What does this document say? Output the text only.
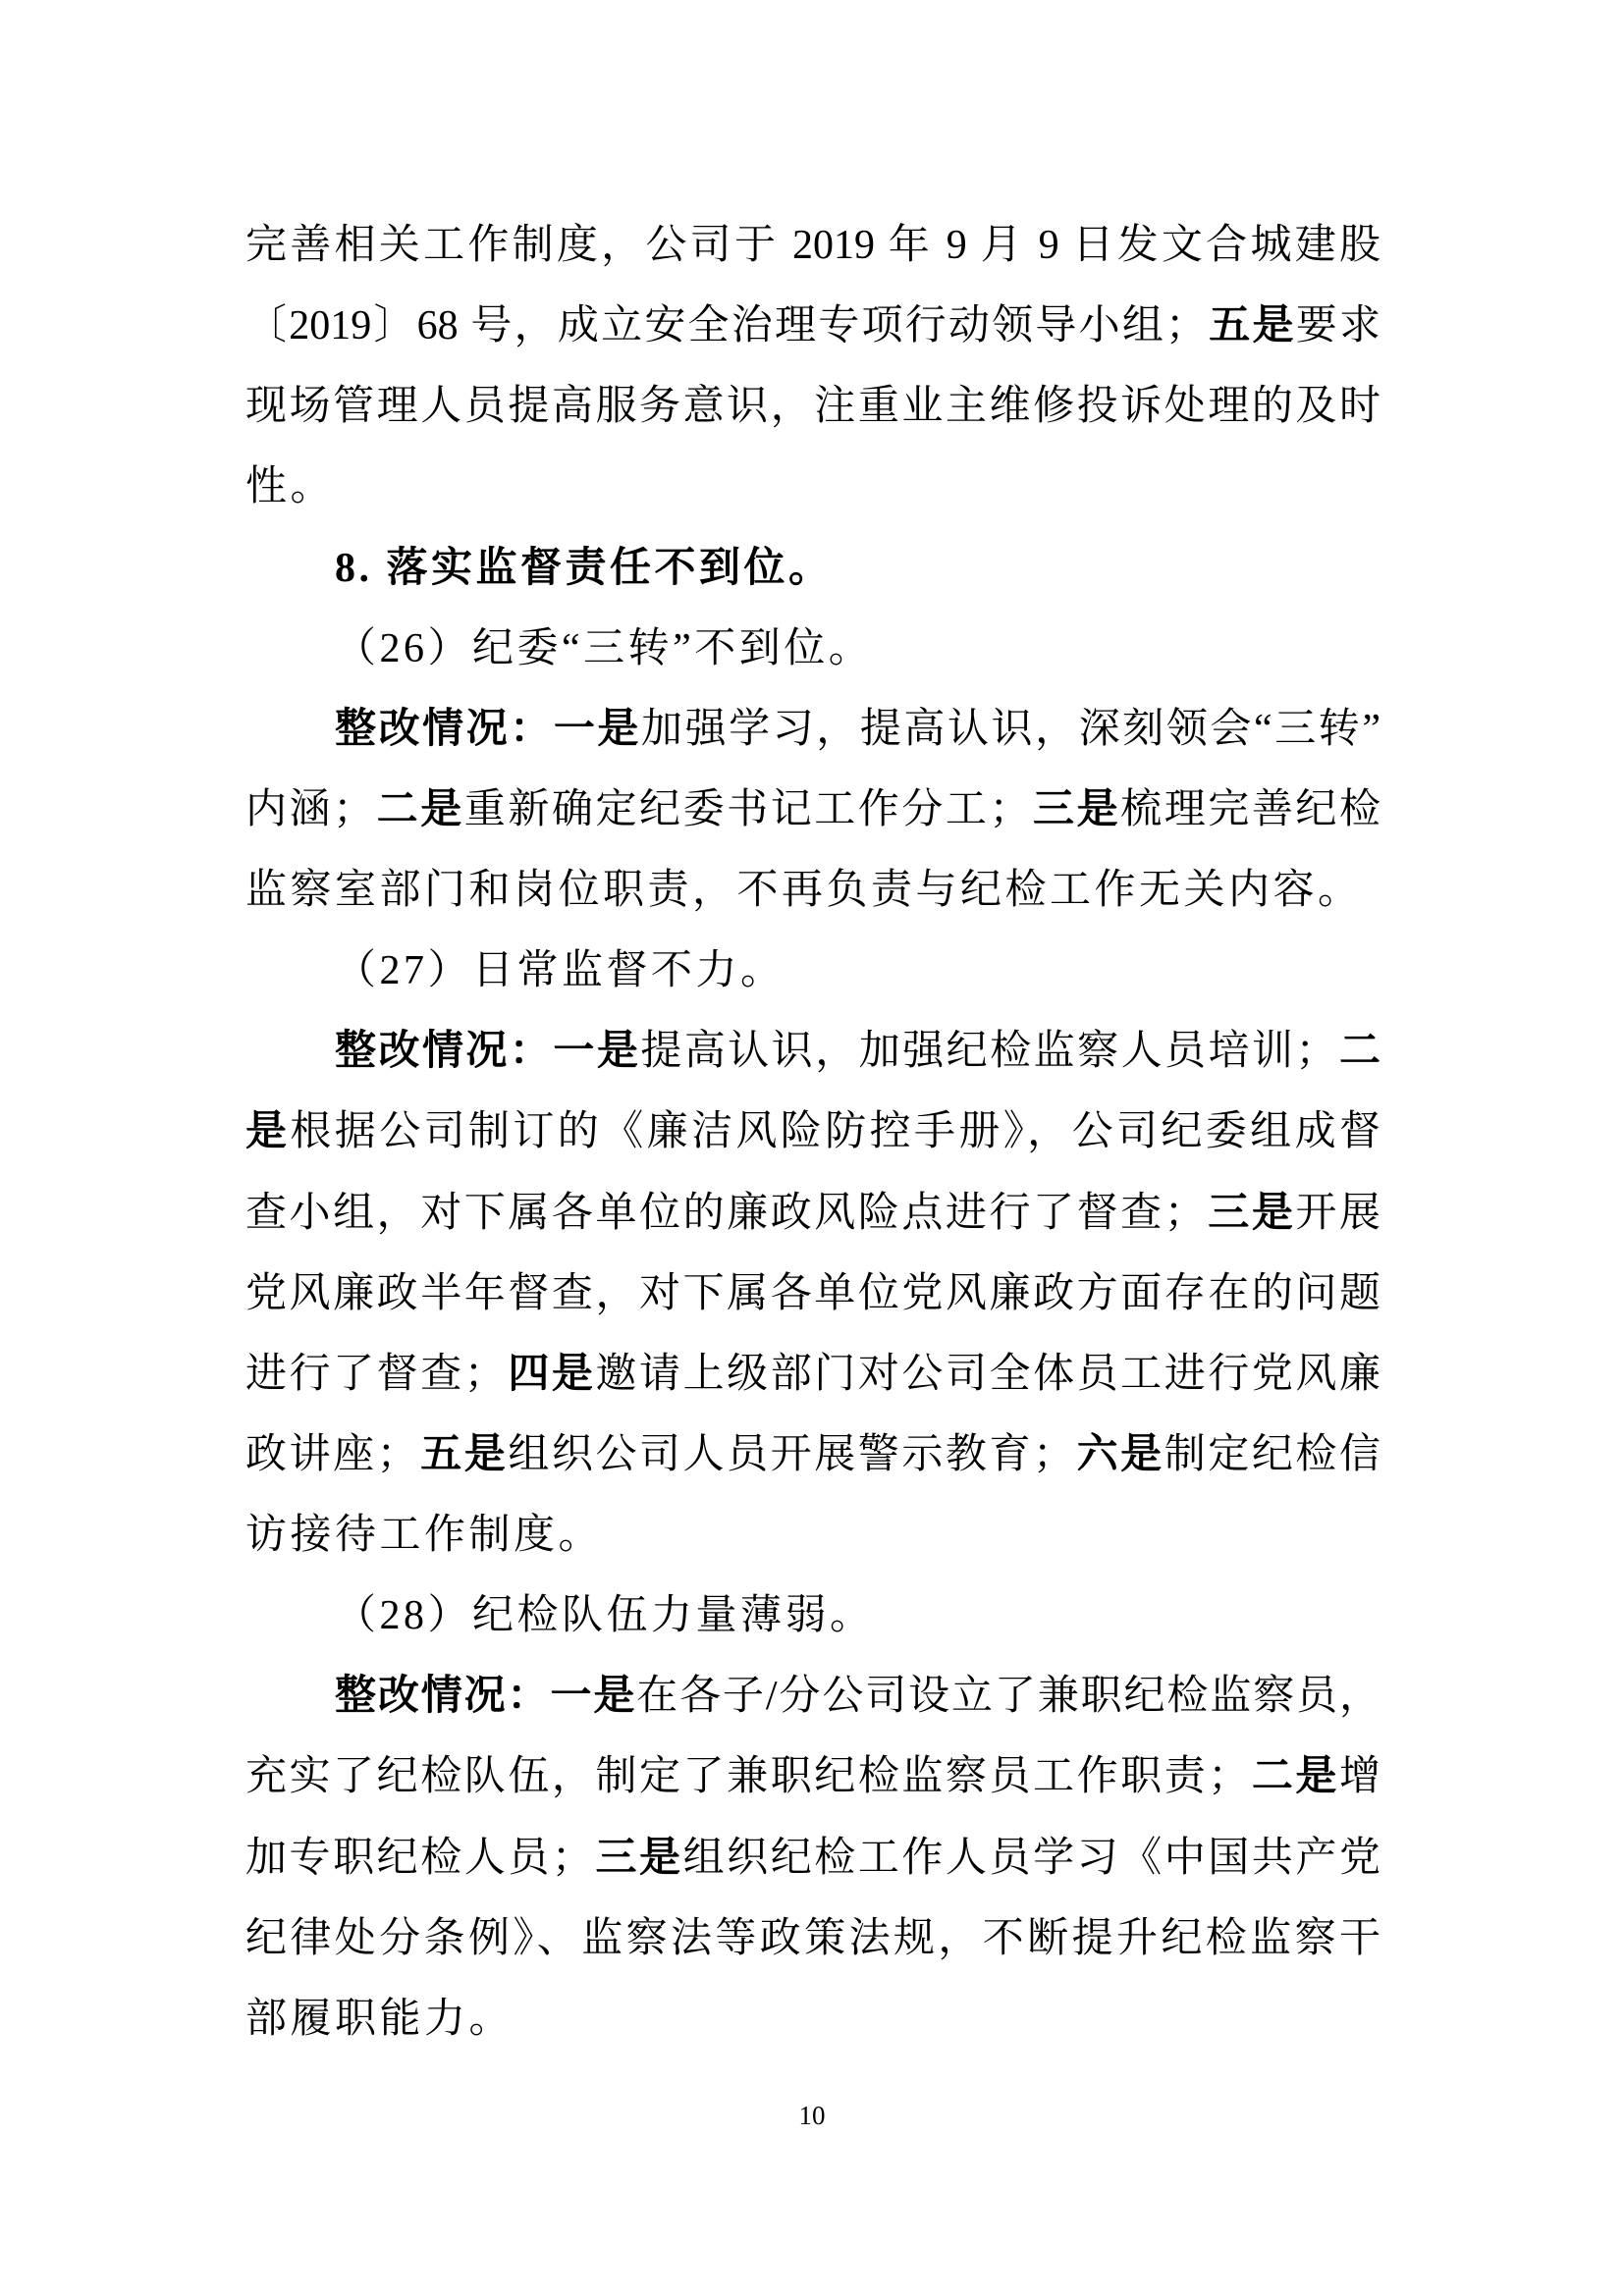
完善相关工作制度，公司于 2019 年 9 月 9 日发文合城建股
〔2019〕68 号，成立安全治理专项行动领导小组；五是要求
现场管理人员提高服务意识，注重业主维修投诉处理的及时
性。
8. 落实监督责任不到位。
（26）纪委“三转”不到位。
整改情况：一是加强学习，提高认识，深刻领会“三转”
内涵；二是重新确定纪委书记工作分工；三是梳理完善纪检
监察室部门和岗位职责，不再负责与纪检工作无关内容。
（27）日常监督不力。
整改情况：一是提高认识，加强纪检监察人员培训；二
是根据公司制订的《廉洁风险防控手册》，公司纪委组成督
查小组，对下属各单位的廉政风险点进行了督查；三是开展
党风廉政半年督查，对下属各单位党风廉政方面存在的问题
进行了督查；四是邀请上级部门对公司全体员工进行党风廉
政讲座；五是组织公司人员开展警示教育；六是制定纪检信
访接待工作制度。
（28）纪检队伍力量薄弱。
整改情况：一是在各子/分公司设立了兼职纪检监察员，
充实了纪检队伍，制定了兼职纪检监察员工作职责；二是增
加专职纪检人员；三是组织纪检工作人员学习《中国共产党
纪律处分条例》、监察法等政策法规，不断提升纪检监察干
部履职能力。
10
